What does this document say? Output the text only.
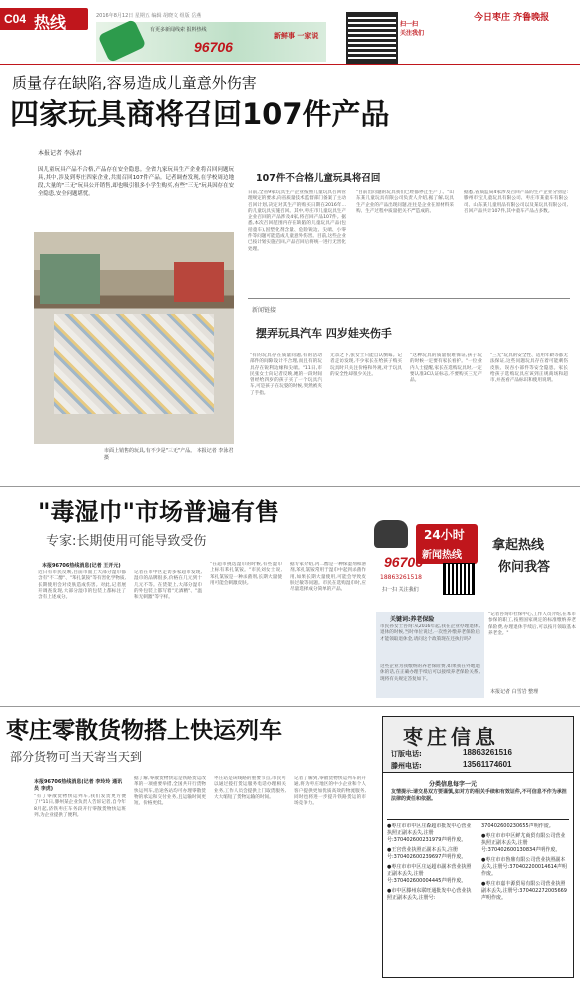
C04 热线	2016年8月12日 星期五 编辑 胡晓文 组版 岳燕
有更多新闻线索 报料热线
96706
新鲜事 一家说
扫一扫 关注我们
今日枣庄 齐鲁晚报
质量存在缺陷,容易造成儿童意外伤害
四家玩具商将召回107件产品
本报记者 李泳君
因儿童玩具产品不合格,产品存在安全隐患。全省九家玩具生产企业将召回问题玩具,其中,涉及到枣庄四家企业,共需召回107件产品。记者调查发现,在学校周边地段,大量的"三无"玩具公开销售,却也吸引很多小学生购买,有些"三无"玩具因存在安全隐患,安全问题堪忧。
市面上销售的玩具,有不少是"三无"产品。 本报记者 李泳君 摄
107件不合格儿童玩具将召回
日前,全省9家玩具生产企业按照儿童玩具召回管理规定的要求,向省质量技术监督部门备案了主动召回计划,决定对其生产的购买日期在2016年...的儿童玩具实施召回。其中,枣庄市儿童玩具生产企业召回的产品涉及4家,将召回产品107件。据悉,本次召回范围内存在缺陷的儿童玩具产品(包括童车),因塑化剂含量、危险锐边、尖端、小零件等问题可能造成儿童意外伤害。目前,这些企业已按计划实施召回,产品召回后将统一进行无害化处理。
"目前出问题的玩具我们已经都停止生产了。"山东某儿童玩具有限公司负责人介绍,据了解,玩具生产企业的产品出现问题,往往是企业在原材料采购、生产过程中质量把关不严造成的。
据悉,省质监局4家涉及召回产品的生产企业分别是:滕州市宝儿童玩具有限公司、枣庄市某童车有限公司、山东某儿童用品有限公司以及某玩具有限公司,召回产品共计107件,其中童车产品占多数。
新闻链接
摆弄玩具汽车 四岁娃夹伤手
"有的玩具存在质量问题,有的活动部件的间隙设计不合理,而且有的玩具存在锐利边缘和尖端。"11日,市民张女士向记者反映,她的一段时间曾经给四岁的孩子买了一个玩具汽车,可是孩子在玩耍的时候,突然被夹了手指。
无奈之下,张女士只能自认倒霉。记者走访发现,不少家长在给孩子购买玩具时只关注价格和外观,对于玩具的安全性却很少关注。
"这种玩具的质量很难保证,孩子玩的时候一定要有家长看护。"一位业内人士提醒,家长在选购玩具时,一定要认准3C认证标志,不要购买三无产品。
"三无"玩具的安全性、适用年龄等都无法保证,这些问题玩具存在着可能刺伤皮肤、误吞小部件等安全隐患。家长给孩子选购玩具应该到正规商场和超市,并查看产品标识和使用说明。
"毒湿巾"市场普遍有售
专家:长期使用可能导致受伤
本报96706热线消息(记者 王开元)
近日有市民反映,目前市面上大部分湿巾都含有"不二醇"、"苯扎氯铵"等有害化学物质,长期使用会对皮肤造成伤害。对此,记者展开调查发现,大部分湿巾的包装上都标注了含有上述成分。
记者在市中区走访多家超市发现,湿巾的品牌很多,价格在几元到十几元不等。在货架上,大部分湿巾的外包装上都写着"无酒精"、"温和无刺激"等字样。
"在超市挑选湿巾的时候,有些湿巾上标有苯扎氯铵。"市民刘女士说,苯扎氯铵是一种杀菌剂,长期大量使用可能会刺激皮肤。
据专家介绍,丙二醇是一种保湿剂和溶剂,苯扎氯铵常用于湿巾中起到杀菌作用,如果长期大量使用,可能会导致皮肤过敏等问题。市民在选购湿巾时,应尽量选择成分简单的产品。
24小时
新闻热线
96706
18863261518
扫一扫 关注我们
拿起热线
你问我答
关键词:养老保险
市民孙女士咨询:从2016年起,我在企业办理退休,退休的时候,当时单位说过,一次性补缴养老保险后才能领取退休金,请问这个政策现在还执行吗?
这些企业为我缴纳的养老保险费,如果我在外地退休的话,在正确办理手续后可以接续养老保险关系,现将有关规定答复如下。
"记者咨询市社保中心,工作人员介绍,在本市参保的职工,按照国家规定的标准缴纳养老保险费,办理退休手续后,可以按月领取基本养老金。"
本报记者 白雪岩 整理
枣庄零散货物搭上快运列车
部分货物可当天寄当天到
本报96706热线消息(记者 李玲玲 通讯员 李虎)
"有了零散货物快运列车,我们发货更方便了!"11日,滕州某企业负责人告诉记者,自今年8月起,济铁枣庄车务段开行零散货物快运班列,为企业提供了便利。
据了解,零散货物快运是铁路货运改革的一项重要举措,全国共开行货物快运列车,沿途各站均可办理零散货物的承运和交付业务,且运输时间更短、价格更低。
枣庄站是该线路的重要节点,市民可以通过拨打货运服务电话办理相关业务,工作人员会提供上门取货服务,大大缩短了货物运输的时间。
记者了解到,零散货物快运列车的开通,将为枣庄地区的中小企业和个人客户提供更加优质高效的物流服务,同时也将进一步提升铁路货运的市场竞争力。
枣庄信息
订版电话:	18863261516
滕州电话:	13561174601
分类信息每字一元
友情提示:请交易双方要谨慎,如对方的相关手续和有效证件,不可信息不作为承担法律的责任和依据。
●枣庄市市中区庄森超市批发中心营业执照正副本丢失,注册号:370402600231979声明作废。
●王宫营业执照正副本丢失,注册号:370402600239697声明作废。
●枣庄市市中区庄运超市副本营业执照正副本丢失,注册号:370402600004445声明作废。
●市中区滕州东联旺通批发中心营业执照正副本丢失,注册号:
370402600230655声明作废。
●枣庄市市中区鲜尤商贸有限公司营业执照正副本丢失,注册号:370402600130834声明作废。
●枣庄市市鲁鼎有限公司营业执照副本丢失,注册号:370402200014614声明作废。
●枣庄市嘉丰源贸易有限公司营业执照副本丢失,注册号:370402272005669声明作废。
